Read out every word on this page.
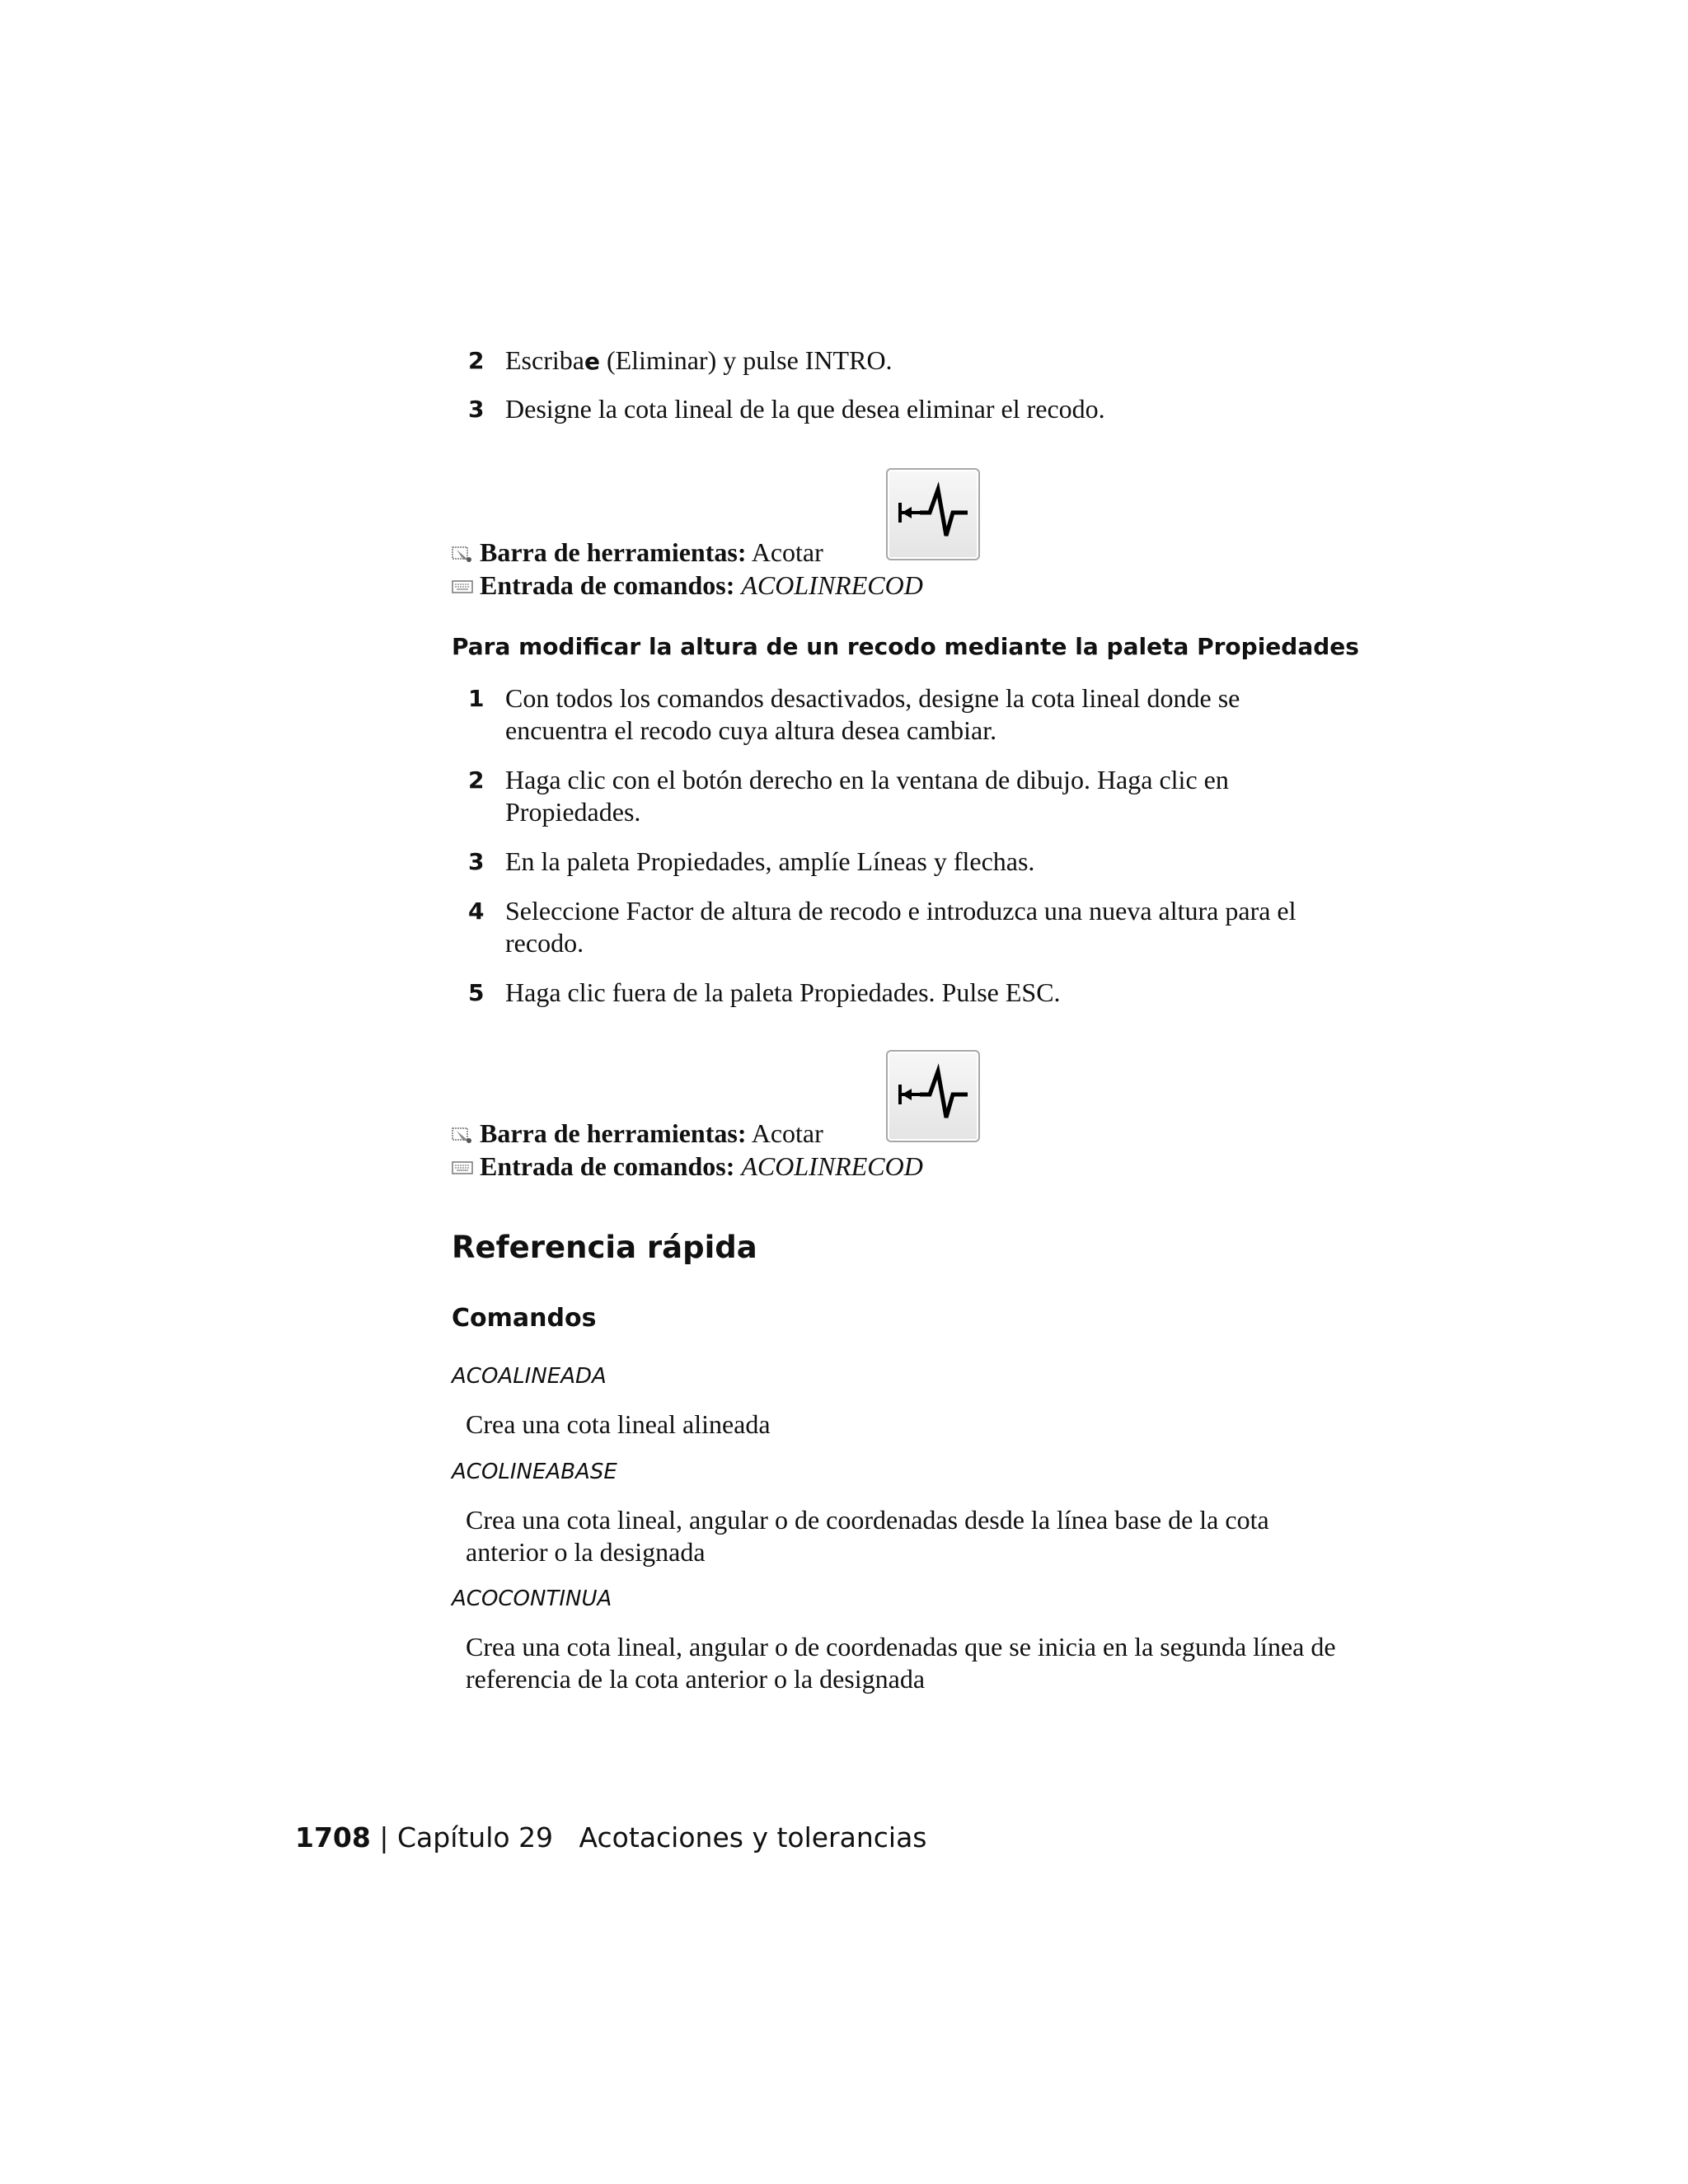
2 Escribae (Eliminar) y pulse INTRO.
3 Designe la cota lineal de la que desea eliminar el recodo.
Barra de herramientas: Acotar
Entrada de comandos: ACOLINRECOD
Para modificar la altura de un recodo mediante la paleta Propiedades
1 Con todos los comandos desactivados, designe la cota lineal donde se encuentra el recodo cuya altura desea cambiar.
2 Haga clic con el botón derecho en la ventana de dibujo. Haga clic en Propiedades.
3 En la paleta Propiedades, amplíe Líneas y flechas.
4 Seleccione Factor de altura de recodo e introduzca una nueva altura para el recodo.
5 Haga clic fuera de la paleta Propiedades. Pulse ESC.
Barra de herramientas: Acotar
Entrada de comandos: ACOLINRECOD
Referencia rápida
Comandos
ACOALINEADA
Crea una cota lineal alineada
ACOLINEABASE
Crea una cota lineal, angular o de coordenadas desde la línea base de la cota anterior o la designada
ACOCONTINUA
Crea una cota lineal, angular o de coordenadas que se inicia en la segunda línea de referencia de la cota anterior o la designada
1708 | Capítulo 29 Acotaciones y tolerancias
